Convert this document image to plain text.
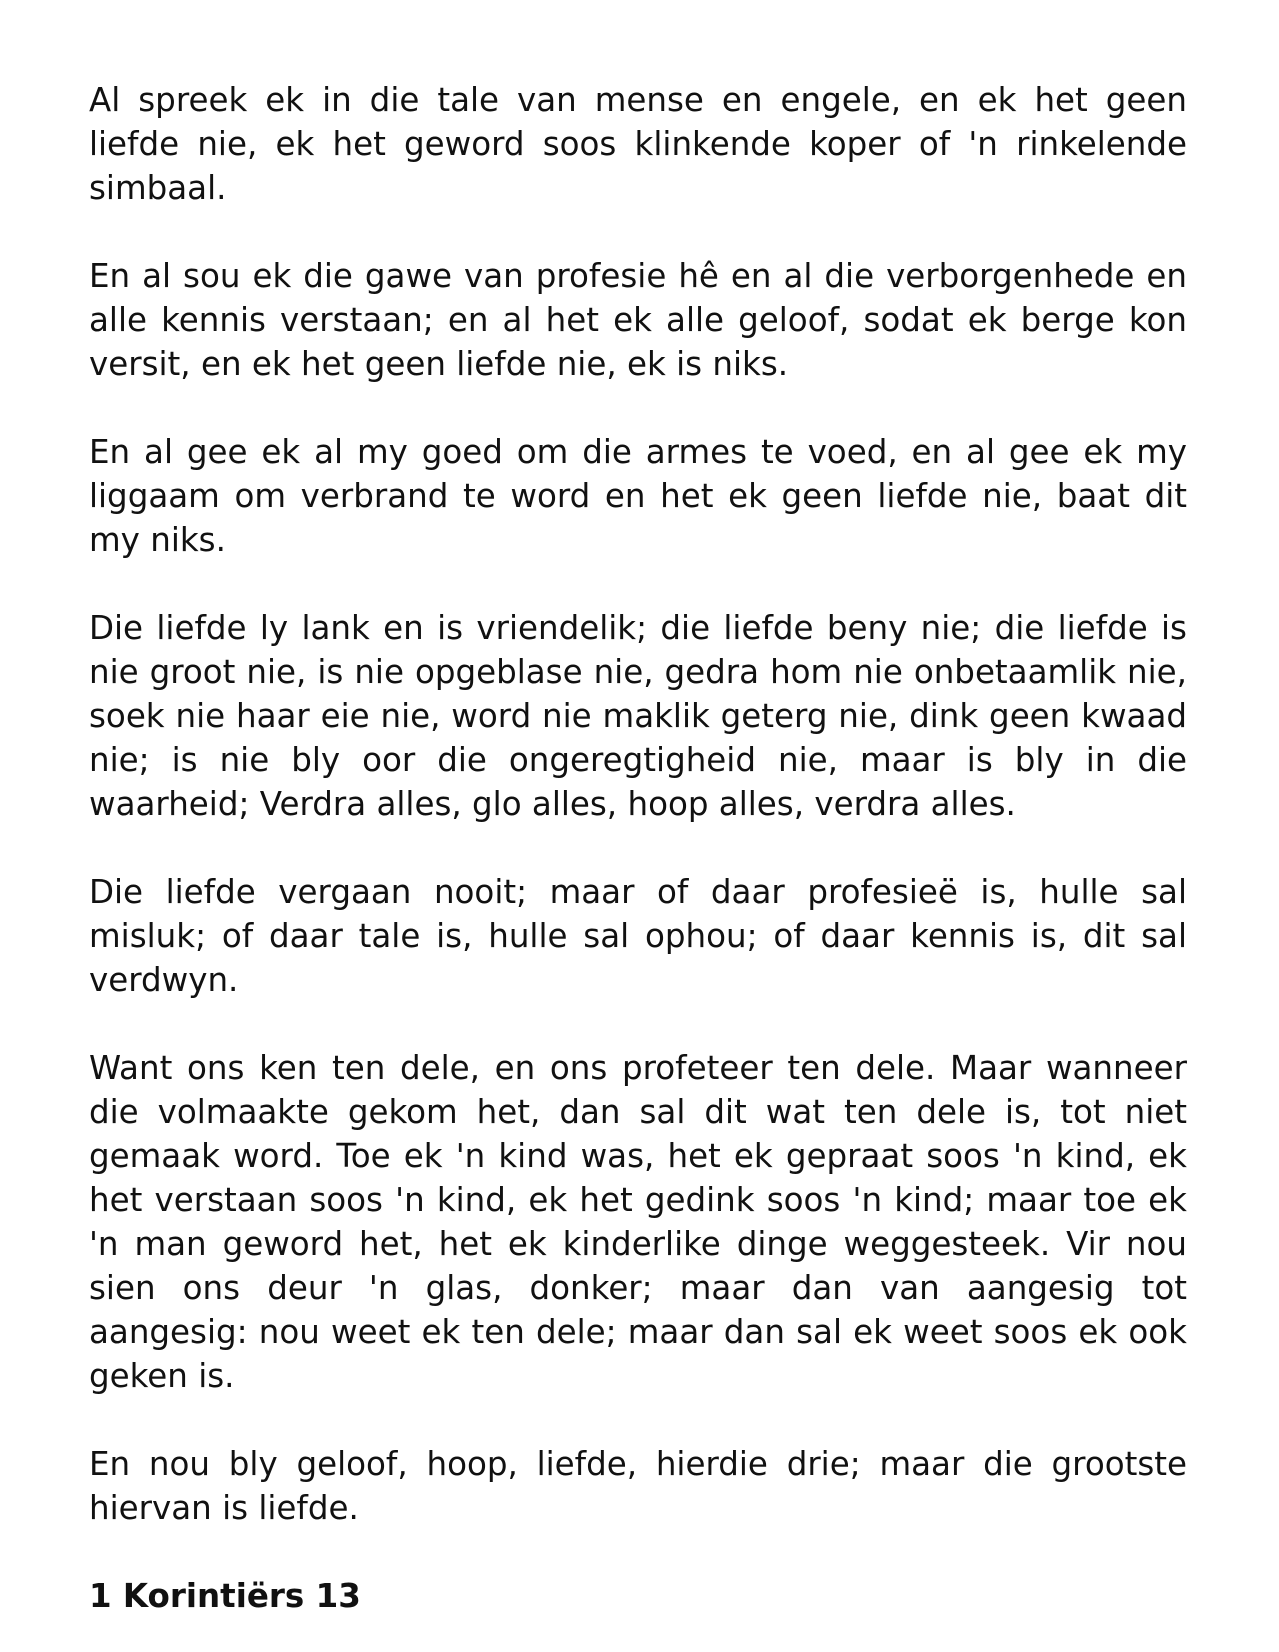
Al spreek ek in die tale van mense en engele, en ek het geen liefde nie, ek het geword soos klinkende koper of 'n rinkelende simbaal.

En al sou ek die gawe van profesie hê en al die verborgenhede en alle kennis verstaan; en al het ek alle geloof, sodat ek berge kon versit, en ek het geen liefde nie, ek is niks.

En al gee ek al my goed om die armes te voed, en al gee ek my liggaam om verbrand te word en het ek geen liefde nie, baat dit my niks.

Die liefde ly lank en is vriendelik; die liefde beny nie; die liefde is nie groot nie, is nie opgeblase nie, gedra hom nie onbetaamlik nie, soek nie haar eie nie, word nie maklik geterg nie, dink geen kwaad nie; is nie bly oor die ongeregtigheid nie, maar is bly in die waarheid; Verdra alles, glo alles, hoop alles, verdra alles.

Die liefde vergaan nooit; maar of daar profesieë is, hulle sal misluk; of daar tale is, hulle sal ophou; of daar kennis is, dit sal verdwyn.

Want ons ken ten dele, en ons profeteer ten dele. Maar wanneer die volmaakte gekom het, dan sal dit wat ten dele is, tot niet gemaak word. Toe ek 'n kind was, het ek gepraat soos 'n kind, ek het verstaan soos 'n kind, ek het gedink soos 'n kind; maar toe ek 'n man geword het, het ek kinderlike dinge weggesteek. Vir nou sien ons deur 'n glas, donker; maar dan van aangesig tot aangesig: nou weet ek ten dele; maar dan sal ek weet soos ek ook geken is.

En nou bly geloof, hoop, liefde, hierdie drie; maar die grootste hiervan is liefde.

1 Korintiërs 13
